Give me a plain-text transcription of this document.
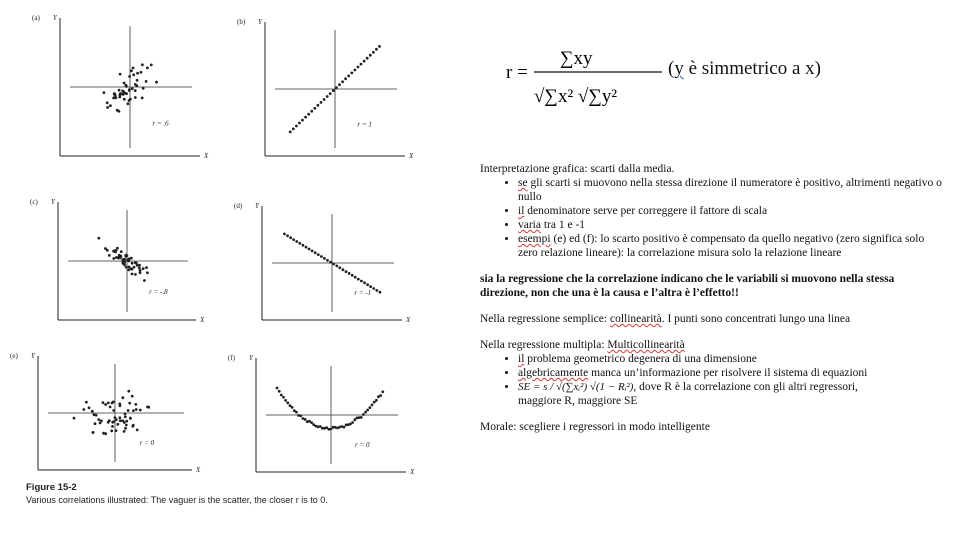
(a) Y
X
r = .6
(b) Y
X
r = 1
(c) Y
X
r = -.8
(d) Y
X
r = -1
(e) Y
X
r = 0
(f) Y
X
r = 0
Figure 15-2
Various correlations illustrated: The vaguer is the scatter, the closer r is to 0.
r =
∑xy
√∑x² √∑y²
(y è simmetrico a x)

Interpretazione grafica: scarti dalla media.

• se gli scarti si muovono nella stessa direzione il numeratore è positivo, altrimenti negativo o nullo
• il denominatore serve per correggere il fattore di scala
• varia tra 1 e -1
• esempi (e) ed (f): lo scarto positivo è compensato da quello negativo (zero significa solo zero relazione lineare): la correlazione misura solo la relazione lineare

sia la regressione che la correlazione indicano che le variabili si muovono nella stessa direzione, non che una è la causa e l’altra è l’effetto!!

Nella regressione semplice: collinearità. I punti sono concentrati lungo una linea

Nella regressione multipla: Multicollinearità

• il problema geometrico degenera di una dimensione
• algebricamente manca un’informazione per risolvere il sistema di equazioni
• SE = s / √(∑xᵢ²) √(1 − Rᵢ²), dove R è la correlazione con gli altri regressori,

maggiore R, maggiore SE

Morale: scegliere i regressori in modo intelligente
